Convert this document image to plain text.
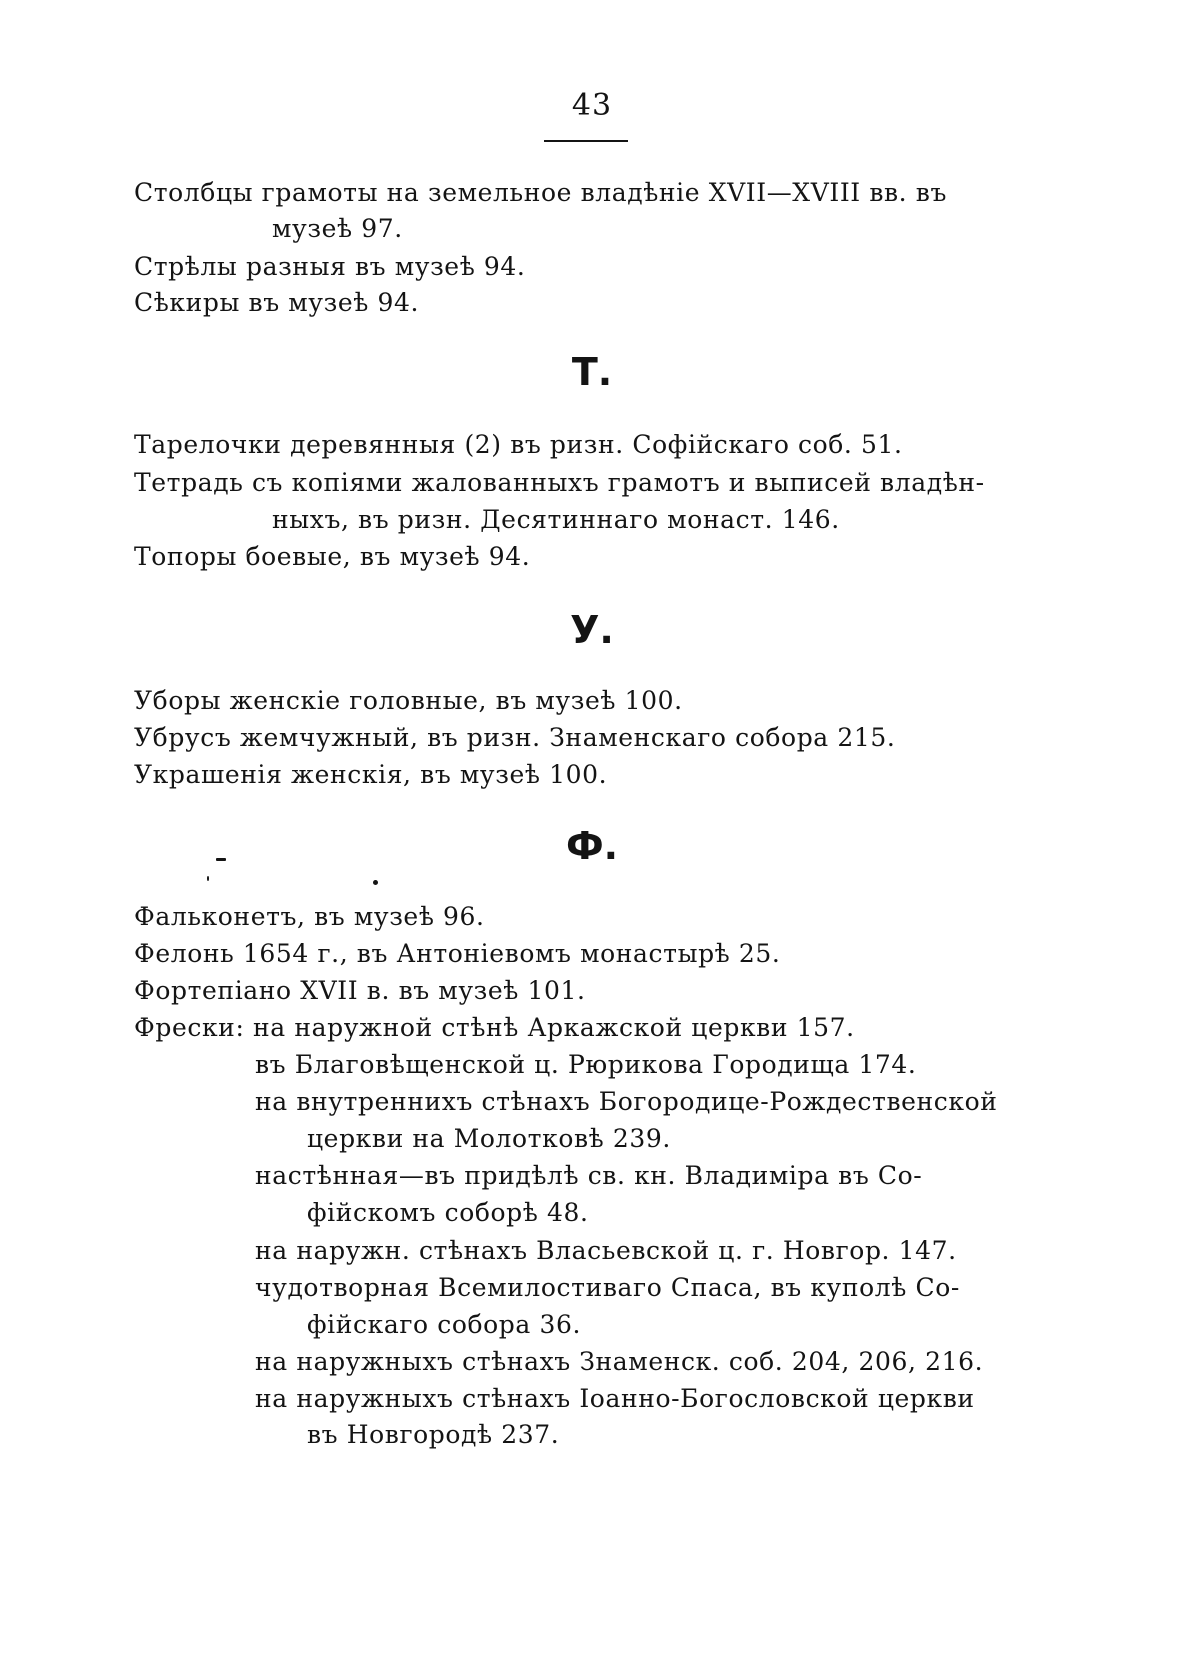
43
Столбцы грамоты на земельное владѣніе XVII—XVIII вв. въ
музеѣ 97.
Стрѣлы разныя въ музеѣ 94.
Сѣкиры въ музеѣ 94.
Т.
Тарелочки деревянныя (2) въ ризн. Софійскаго соб. 51.
Тетрадь съ копіями жалованныхъ грамотъ и выписей владѣн-
ныхъ, въ ризн. Десятиннаго монаст. 146.
Топоры боевые, въ музеѣ 94.
У.
Уборы женскіе головные, въ музеѣ 100.
Убрусъ жемчужный, въ ризн. Знаменскаго собора 215.
Украшенія женскія, въ музеѣ 100.
Ф.
Фальконетъ, въ музеѣ 96.
Фелонь 1654 г., въ Антоніевомъ монастырѣ 25.
Фортепіано XVII в. въ музеѣ 101.
Фрески: на наружной стѣнѣ Аркажской церкви 157.
въ Благовѣщенской ц. Рюрикова Городища 174.
на внутреннихъ стѣнахъ Богородице-Рождественской
церкви на Молотковѣ 239.
настѣнная—въ придѣлѣ св. кн. Владиміра въ Со-
фійскомъ соборѣ 48.
на наружн. стѣнахъ Власьевской ц. г. Новгор. 147.
чудотворная Всемилостиваго Спаса, въ куполѣ Со-
фійскаго собора 36.
на наружныхъ стѣнахъ Знаменск. соб. 204, 206, 216.
на наружныхъ стѣнахъ Іоанно-Богословской церкви
въ Новгородѣ 237.
